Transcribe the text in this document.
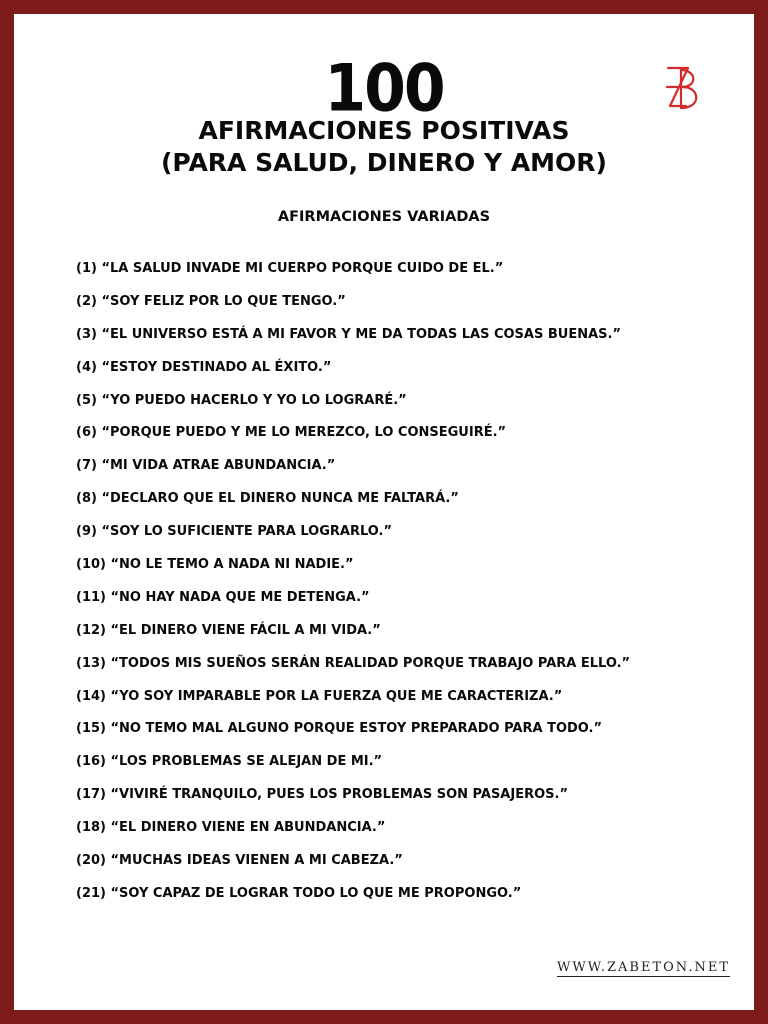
100
AFIRMACIONES POSITIVAS
(PARA SALUD, DINERO Y AMOR)
AFIRMACIONES VARIADAS
(1) “LA SALUD INVADE MI CUERPO PORQUE CUIDO DE EL.”
(2) “SOY FELIZ POR LO QUE TENGO.”
(3) “EL UNIVERSO ESTÁ A MI FAVOR Y ME DA TODAS LAS COSAS BUENAS.”
(4) “ESTOY DESTINADO AL ÉXITO.”
(5) “YO PUEDO HACERLO Y YO LO LOGRARÉ.”
(6) “PORQUE PUEDO Y ME LO MEREZCO, LO CONSEGUIRÉ.”
(7) “MI VIDA ATRAE ABUNDANCIA.”
(8) “DECLARO QUE EL DINERO NUNCA ME FALTARÁ.”
(9) “SOY LO SUFICIENTE PARA LOGRARLO.”
(10) “NO LE TEMO A NADA NI NADIE.”
(11) “NO HAY NADA QUE ME DETENGA.”
(12) “EL DINERO VIENE FÁCIL A MI VIDA.”
(13) “TODOS MIS SUEÑOS SERÁN REALIDAD PORQUE TRABAJO PARA ELLO.”
(14) “YO SOY IMPARABLE POR LA FUERZA QUE ME CARACTERIZA.”
(15) “NO TEMO MAL ALGUNO PORQUE ESTOY PREPARADO PARA TODO.”
(16) “LOS PROBLEMAS SE ALEJAN DE MI.”
(17) “VIVIRÉ TRANQUILO, PUES LOS PROBLEMAS SON PASAJEROS.”
(18) “EL DINERO VIENE EN ABUNDANCIA.”
(20) “MUCHAS IDEAS VIENEN A MI CABEZA.”
(21) “SOY CAPAZ DE LOGRAR TODO LO QUE ME PROPONGO.”
WWW.ZABETON.NET
